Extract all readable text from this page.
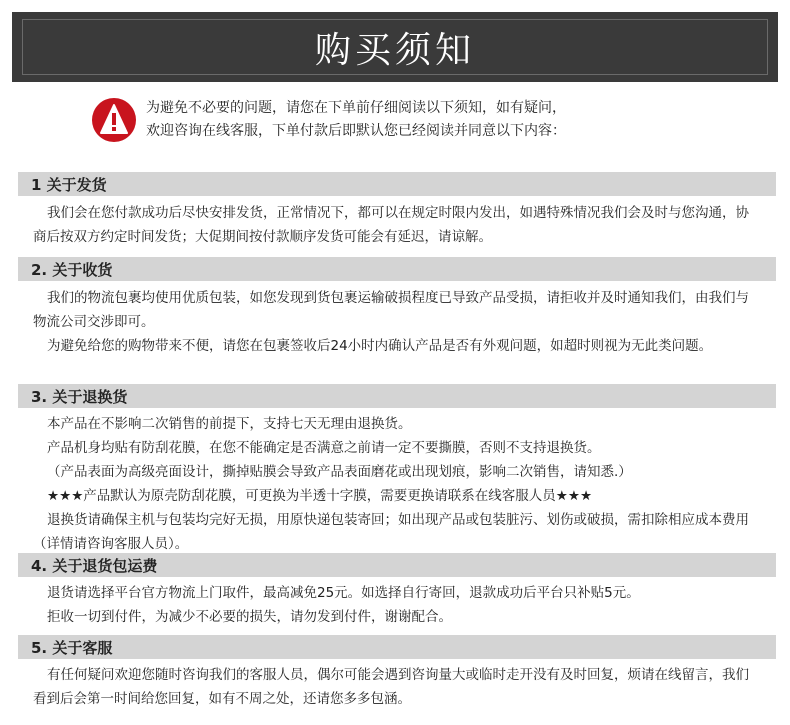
购买须知
为避免不必要的问题，请您在下单前仔细阅读以下须知，如有疑问，
欢迎咨询在线客服，下单付款后即默认您已经阅读并同意以下内容：
1 关于发货

我们会在您付款成功后尽快安排发货，正常情况下，都可以在规定时限内发出，如遇特殊情况我们会及时与您沟通，协商后按双方约定时间发货；大促期间按付款顺序发货可能会有延迟，请谅解。

2. 关于收货

我们的物流包裹均使用优质包装，如您发现到货包裹运输破损程度已导致产品受损，请拒收并及时通知我们，由我们与物流公司交涉即可。

为避免给您的购物带来不便，请您在包裹签收后24小时内确认产品是否有外观问题，如超时则视为无此类问题。

3. 关于退换货

本产品在不影响二次销售的前提下，支持七天无理由退换货。

产品机身均贴有防刮花膜，在您不能确定是否满意之前请一定不要撕膜，否则不支持退换货。

（产品表面为高级亮面设计，撕掉贴膜会导致产品表面磨花或出现划痕，影响二次销售，请知悉.）

★★★产品默认为原壳防刮花膜，可更换为半透十字膜，需要更换请联系在线客服人员★★★

退换货请确保主机与包装均完好无损，用原快递包装寄回；如出现产品或包装脏污、划伤或破损，需扣除相应成本费用（详情请咨询客服人员）。

4. 关于退货包运费

退货请选择平台官方物流上门取件，最高减免25元。如选择自行寄回，退款成功后平台只补贴5元。

拒收一切到付件，为减少不必要的损失，请勿发到付件，谢谢配合。

5. 关于客服

有任何疑问欢迎您随时咨询我们的客服人员，偶尔可能会遇到咨询量大或临时走开没有及时回复，烦请在线留言，我们看到后会第一时间给您回复，如有不周之处，还请您多多包涵。
